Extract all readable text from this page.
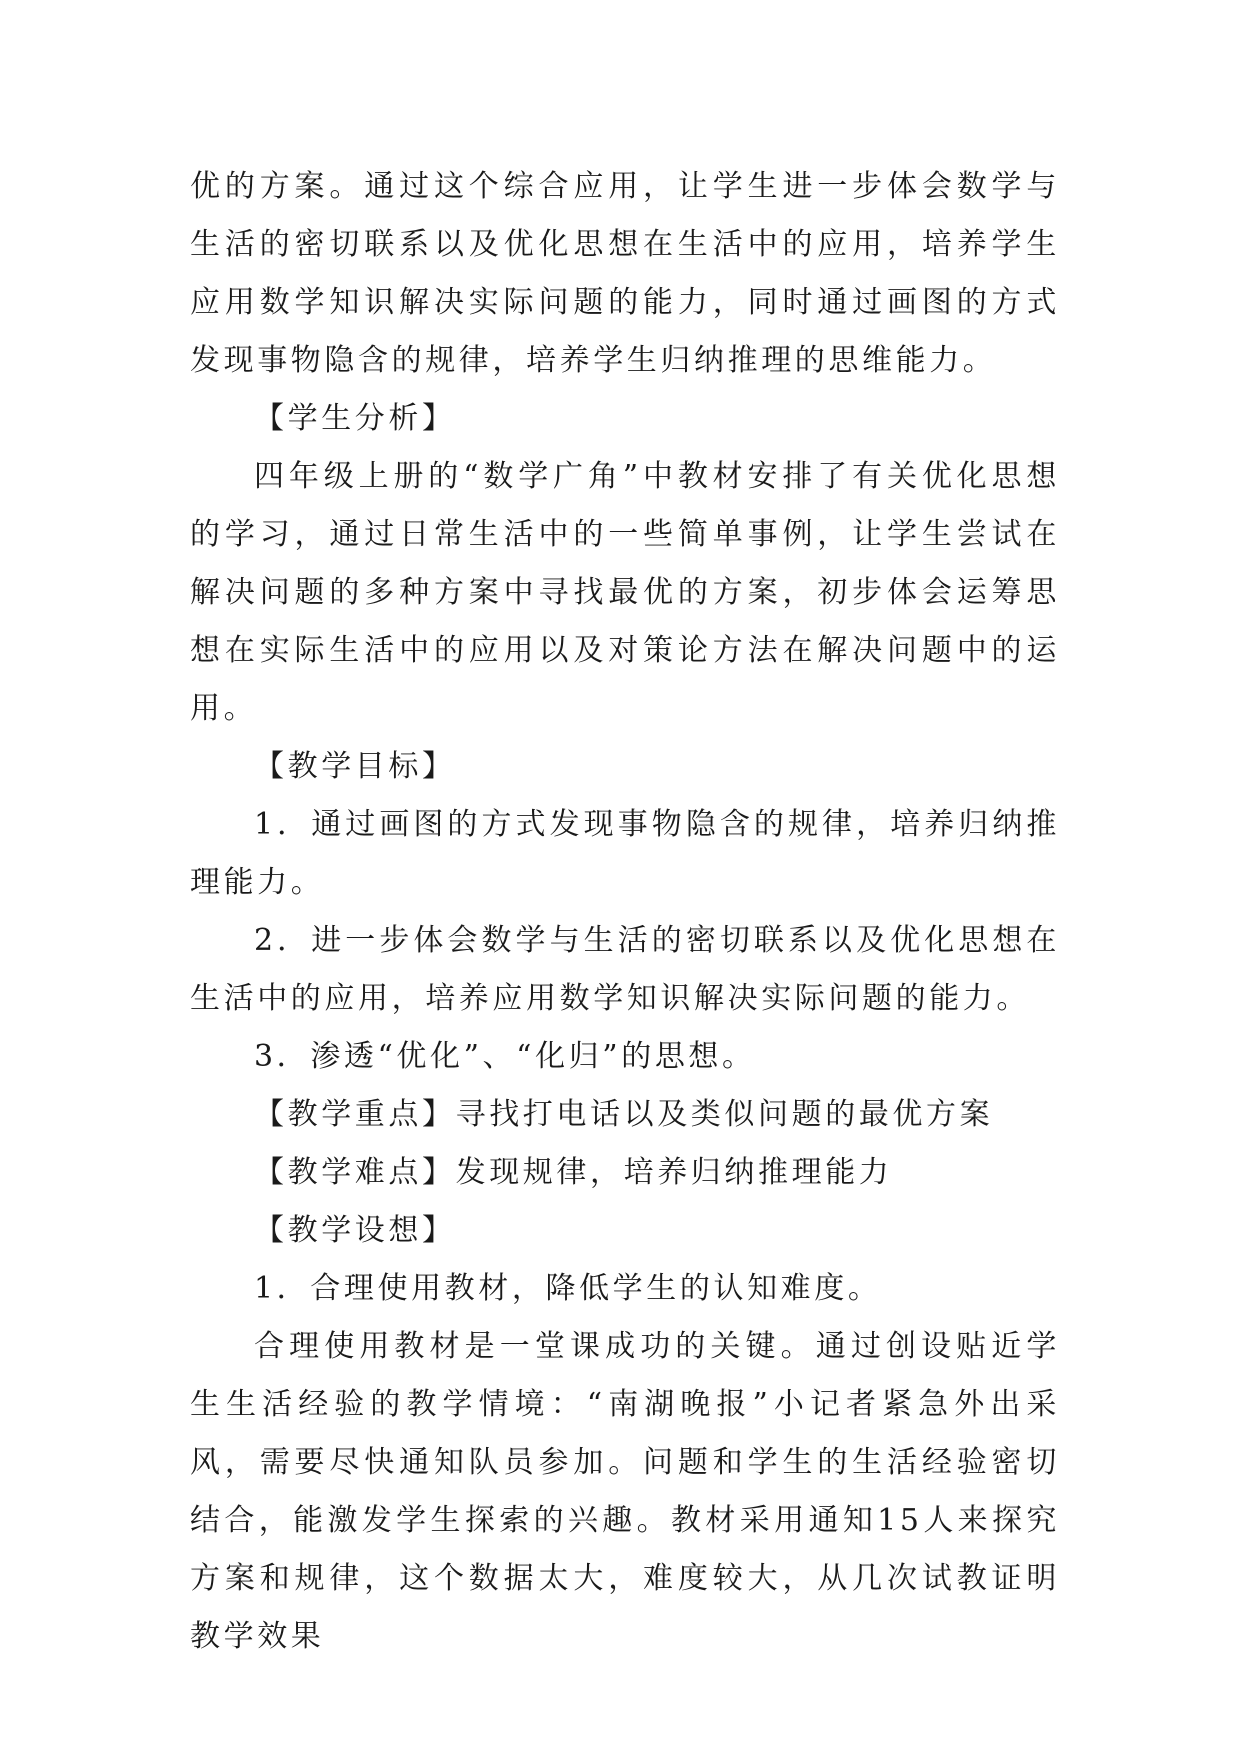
优的方案。通过这个综合应用，让学生进一步体会数学与生活的密切联系以及优化思想在生活中的应用，培养学生应用数学知识解决实际问题的能力，同时通过画图的方式发现事物隐含的规律，培养学生归纳推理的思维能力。

【学生分析】

四年级上册的“数学广角”中教材安排了有关优化思想的学习，通过日常生活中的一些简单事例，让学生尝试在解决问题的多种方案中寻找最优的方案，初步体会运筹思想在实际生活中的应用以及对策论方法在解决问题中的运用。

【教学目标】

1．通过画图的方式发现事物隐含的规律，培养归纳推理能力。

2．进一步体会数学与生活的密切联系以及优化思想在生活中的应用，培养应用数学知识解决实际问题的能力。

3．渗透“优化”、“化归”的思想。

【教学重点】寻找打电话以及类似问题的最优方案

【教学难点】发现规律，培养归纳推理能力

【教学设想】

1．合理使用教材，降低学生的认知难度。

合理使用教材是一堂课成功的关键。通过创设贴近学生生活经验的教学情境：“南湖晚报”小记者紧急外出采风，需要尽快通知队员参加。问题和学生的生活经验密切结合，能激发学生探索的兴趣。教材采用通知15人来探究方案和规律，这个数据太大，难度较大，从几次试教证明教学效果
